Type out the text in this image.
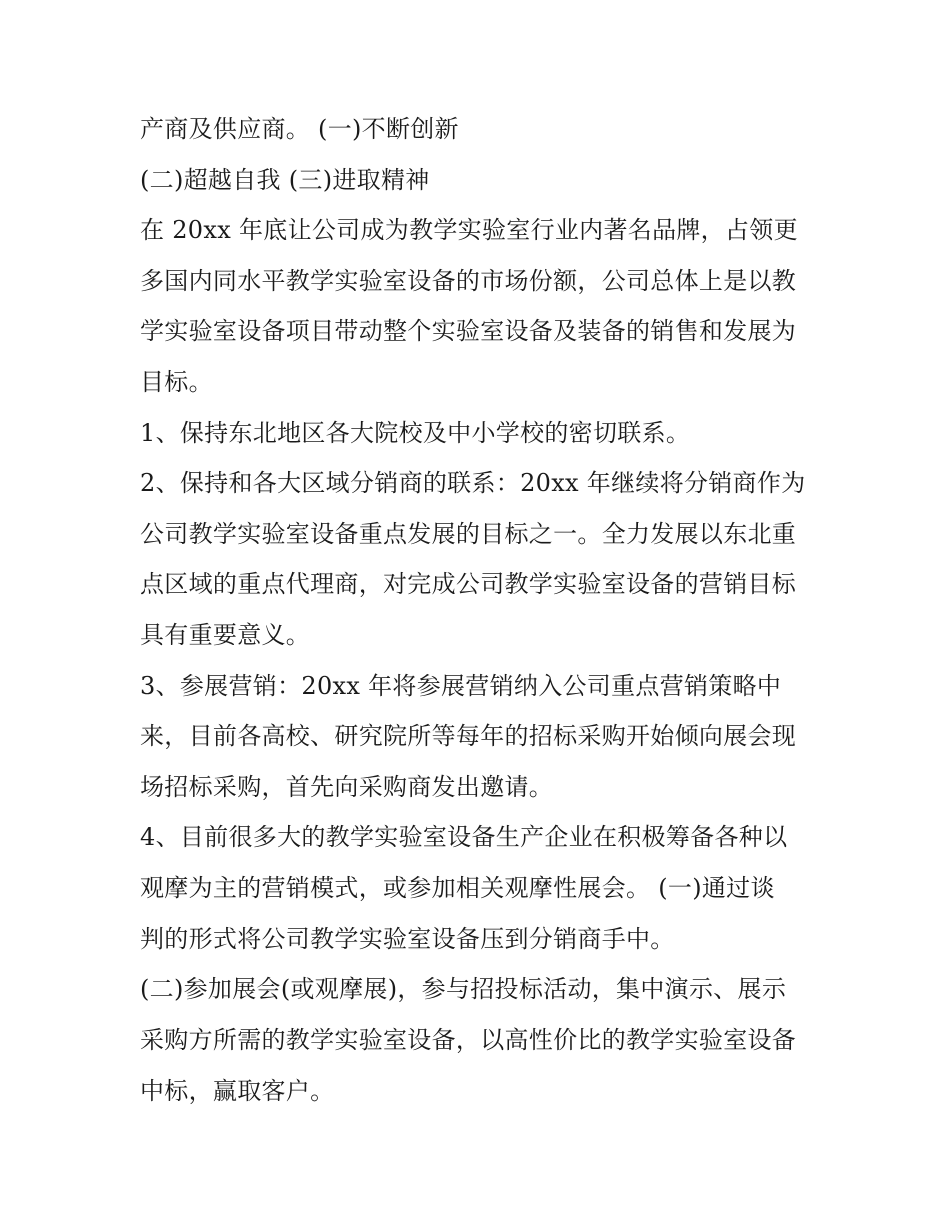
产商及供应商。 (一)不断创新
(二)超越自我 (三)进取精神
在 20xx 年底让公司成为教学实验室行业内著名品牌，占领更
多国内同水平教学实验室设备的市场份额，公司总体上是以教
学实验室设备项目带动整个实验室设备及装备的销售和发展为
目标。
1、保持东北地区各大院校及中小学校的密切联系。
2、保持和各大区域分销商的联系：20xx 年继续将分销商作为
公司教学实验室设备重点发展的目标之一。全力发展以东北重
点区域的重点代理商，对完成公司教学实验室设备的营销目标
具有重要意义。
3、参展营销：20xx 年将参展营销纳入公司重点营销策略中
来，目前各高校、研究院所等每年的招标采购开始倾向展会现
场招标采购，首先向采购商发出邀请。
4、目前很多大的教学实验室设备生产企业在积极筹备各种以
观摩为主的营销模式，或参加相关观摩性展会。 (一)通过谈
判的形式将公司教学实验室设备压到分销商手中。
(二)参加展会(或观摩展)，参与招投标活动，集中演示、展示
采购方所需的教学实验室设备，以高性价比的教学实验室设备
中标，赢取客户。
